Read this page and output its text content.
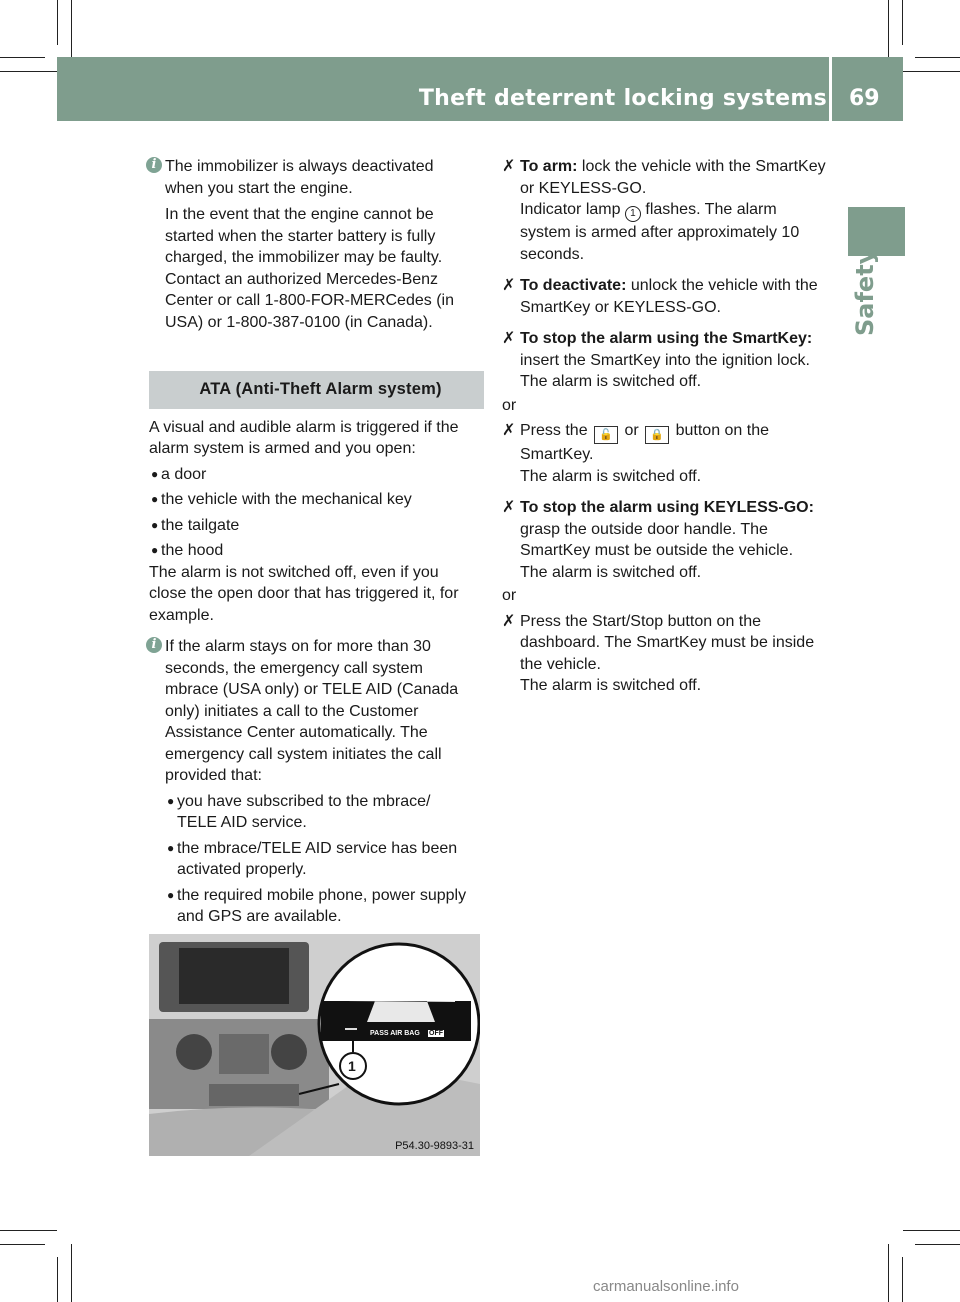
Theft deterrent locking systems 69
Safety
i The immobilizer is always deactivated

when you start the engine.

In the event that the engine cannot be

started when the starter battery is fully

charged, the immobilizer may be faulty.

Contact an authorized Mercedes-Benz

Center or call 1-800-FOR-MERCedes (in

USA) or 1-800-387-0100 (in Canada).

ATA (Anti-Theft Alarm system)

A visual and audible alarm is triggered if the

alarm system is armed and you open:

● a door
● the vehicle with the mechanical key
● the tailgate
● the hood

The alarm is not switched off, even if you

close the open door that has triggered it, for

example.

i If the alarm stays on for more than 30

seconds, the emergency call system

mbrace (USA only) or TELE AID (Canada

only) initiates a call to the Customer

Assistance Center automatically. The

emergency call system initiates the call

provided that:

● you have subscribed to the mbrace/

TELE AID service.

● the mbrace/TELE AID service has been

activated properly.

● the required mobile phone, power supply

and GPS are available.

PASS AIR BAG OFF
1
P54.30-9893-31
✗ To arm: lock the vehicle with the SmartKey

or KEYLESS-GO.

Indicator lamp 1 flashes. The alarm

system is armed after approximately 10

seconds.

✗ To deactivate: unlock the vehicle with the

SmartKey or KEYLESS-GO.

✗ To stop the alarm using the SmartKey:

insert the SmartKey into the ignition lock.

The alarm is switched off.

or

✗ Press the 🔓 or 🔒 button on the

SmartKey.

The alarm is switched off.

✗ To stop the alarm using KEYLESS-GO:

grasp the outside door handle. The

SmartKey must be outside the vehicle.

The alarm is switched off.

or

✗ Press the Start/Stop button on the

dashboard. The SmartKey must be inside

the vehicle.

The alarm is switched off.

carmanualsonline.info
